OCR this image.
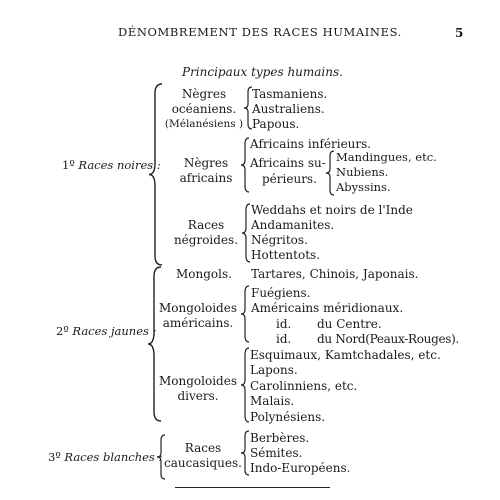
DÉNOMBREMENT DES RACES HUMAINES.	5
Principaux types humains.
1º Races noires :
Nègres
océaniens.
(Mélanésiens )
Tasmaniens.
Australiens.
Papous.
Nègres
africains
Africains inférieurs.
Africains su-
périeurs.
Mandingues, etc.
Nubiens.
Abyssins.
Races
négroides.
Weddahs et noirs de l'Inde
Andamanites.
Négritos.
Hottentots.
2º Races jaunes :
Mongols. Tartares, Chinois, Japonais.
Mongoloides
américains.
Fuégiens.
Américains méridionaux.
id. du Centre.
id. du Nord(Peaux-Rouges).
Mongoloides
divers.
Esquimaux, Kamtchadales, etc.
Lapons.
Carolinniens, etc.
Malais.
Polynésiens.
3º Races blanches :
Races
caucasiques.
Berbères.
Sémites.
Indo-Européens.
